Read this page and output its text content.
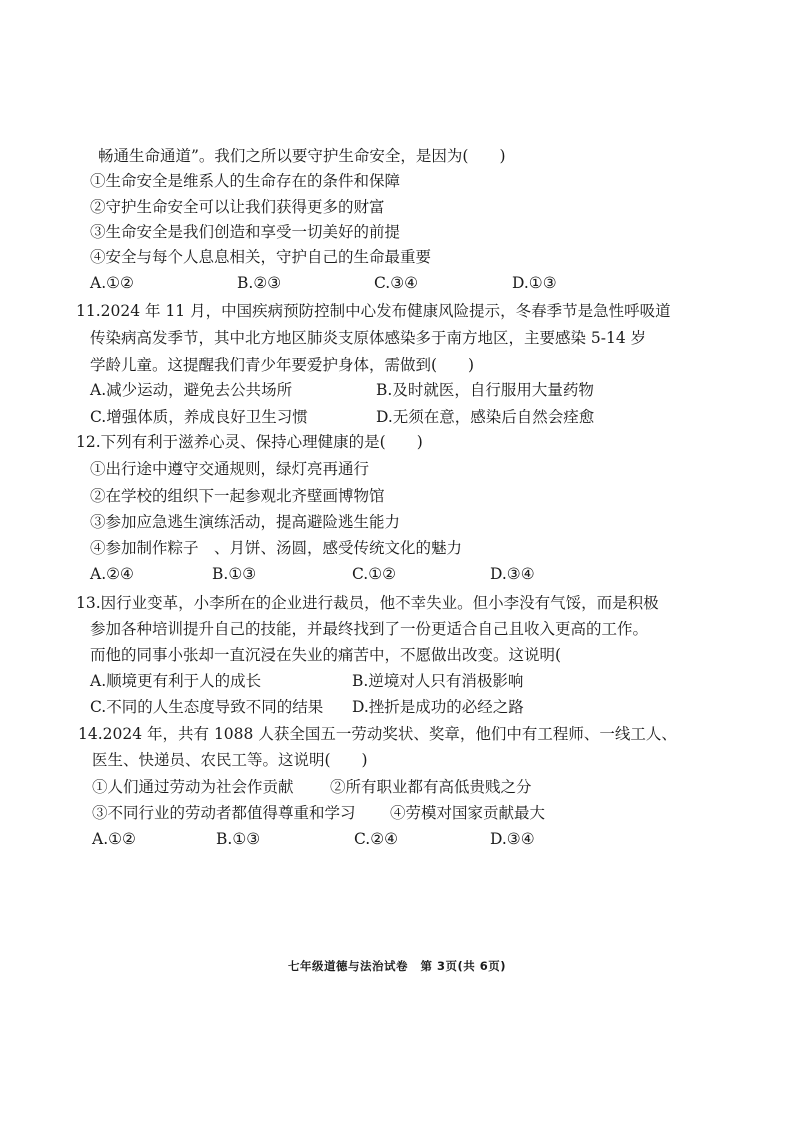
畅通生命通道”。我们之所以要守护生命安全，是因为(　　)
①生命安全是维系人的生命存在的条件和保障
②守护生命安全可以让我们获得更多的财富
③生命安全是我们创造和享受一切美好的前提
④安全与每个人息息相关，守护自己的生命最重要
A.①②	B.②③	C.③④	D.①③
11.2024 年 11 月，中国疾病预防控制中心发布健康风险提示，冬春季节是急性呼吸道
传染病高发季节，其中北方地区肺炎支原体感染多于南方地区，主要感染 5-14 岁
学龄儿童。这提醒我们青少年要爱护身体，需做到(　　)
A.减少运动，避免去公共场所	B.及时就医，自行服用大量药物
C.增强体质，养成良好卫生习惯	D.无须在意，感染后自然会痊愈
12.下列有利于滋养心灵、保持心理健康的是(　　)
①出行途中遵守交通规则，绿灯亮再通行
②在学校的组织下一起参观北齐壁画博物馆
③参加应急逃生演练活动，提高避险逃生能力
④参加制作粽子　、月饼、汤圆，感受传统文化的魅力
A.②④	B.①③	C.①②	D.③④
13.因行业变革，小李所在的企业进行裁员，他不幸失业。但小李没有气馁，而是积极
参加各种培训提升自己的技能，并最终找到了一份更适合自己且收入更高的工作。
而他的同事小张却一直沉浸在失业的痛苦中，不愿做出改变。这说明(
A.顺境更有利于人的成长	B.逆境对人只有消极影响
C.不同的人生态度导致不同的结果 D.挫折是成功的必经之路
14.2024 年，共有 1088 人获全国五一劳动奖状、奖章，他们中有工程师、一线工人、
医生、快递员、农民工等。这说明(　　)
①人们通过劳动为社会作贡献 ②所有职业都有高低贵贱之分
③不同行业的劳动者都值得尊重和学习 ④劳模对国家贡献最大
A.①②	B.①③	C.②④	D.③④
七年级道德与法治试卷 第 3页(共 6页)
